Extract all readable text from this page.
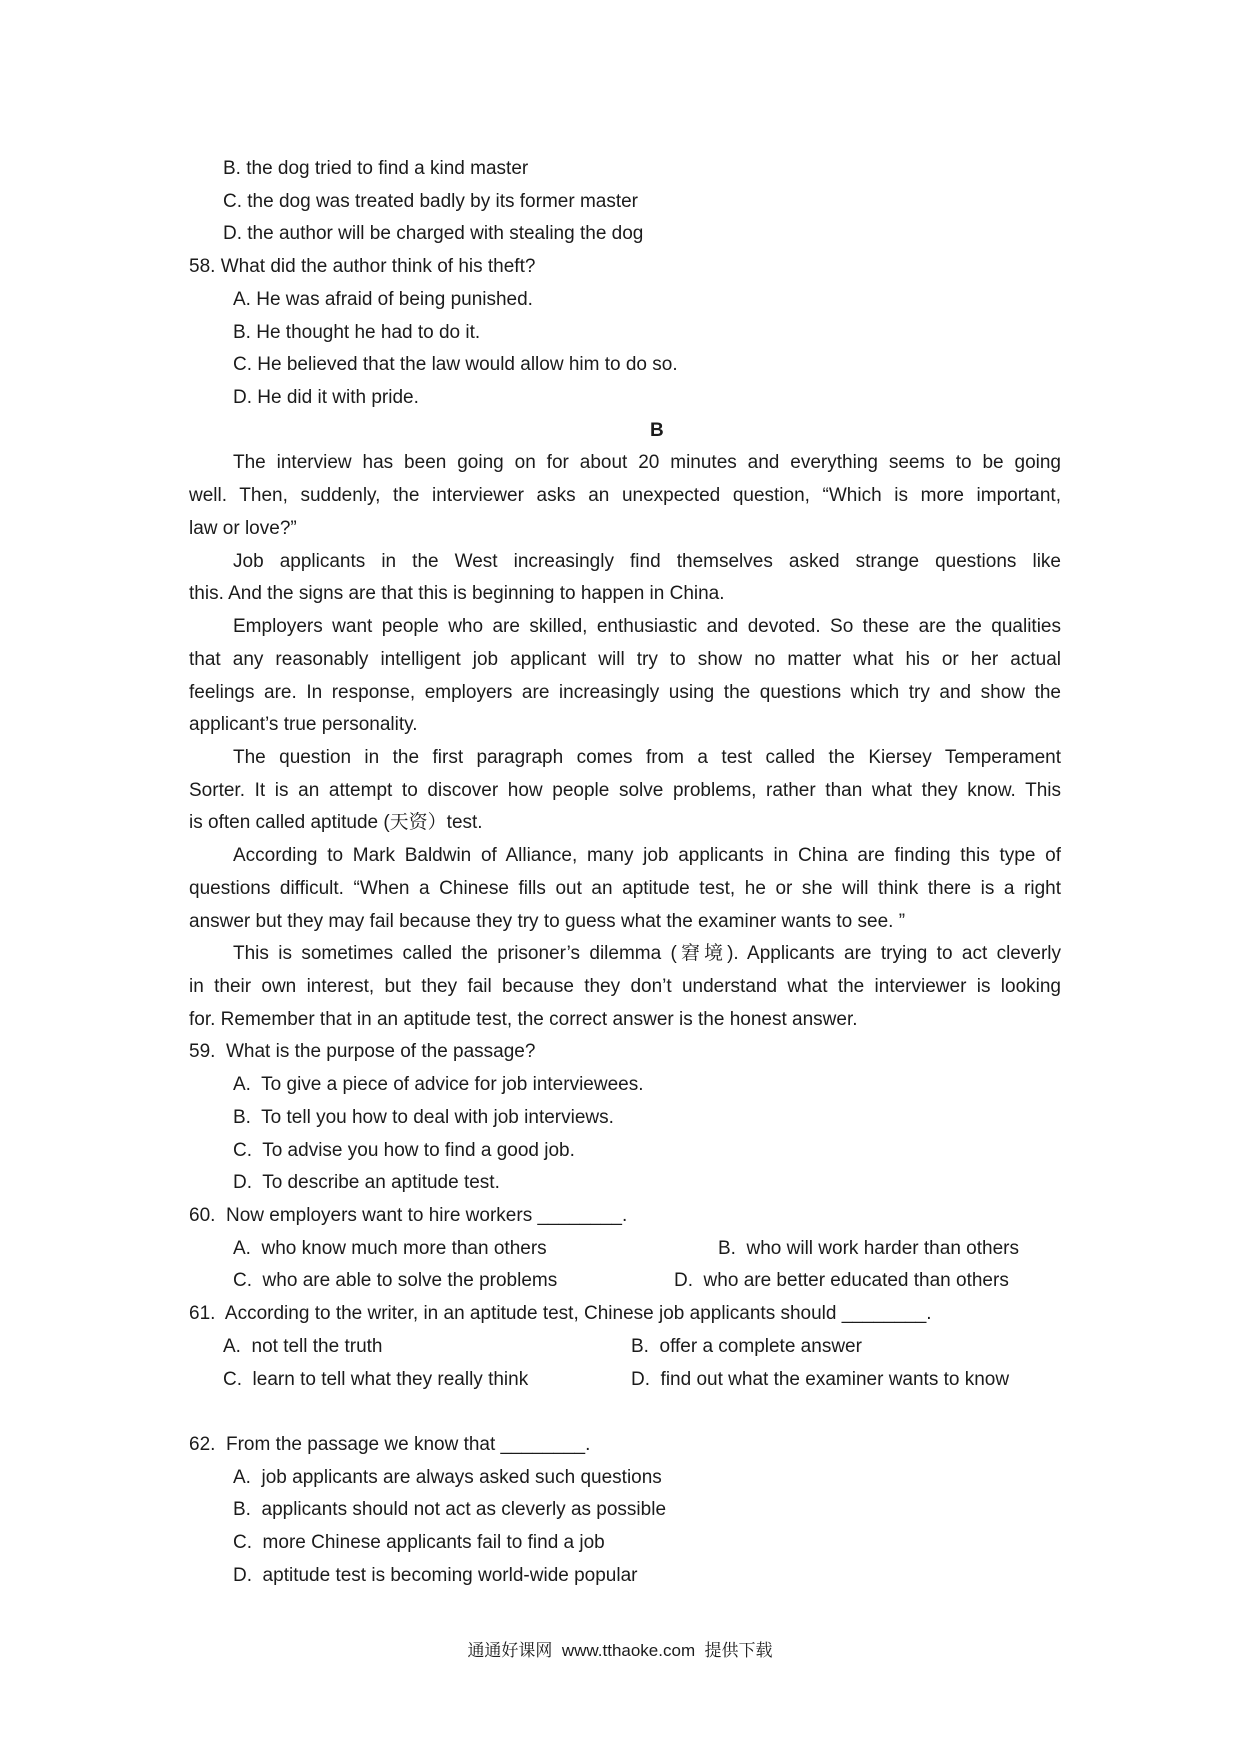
B. the dog tried to find a kind master
C. the dog was treated badly by its former master
D. the author will be charged with stealing the dog
58. What did the author think of his theft?
A. He was afraid of being punished.
B. He thought he had to do it.
C. He believed that the law would allow him to do so.
D. He did it with pride.
B
The interview has been going on for about 20 minutes and everything seems to be going
well. Then, suddenly, the interviewer asks an unexpected question, “Which is more important,
law or love?”
Job applicants in the West increasingly find themselves asked strange questions like
this. And the signs are that this is beginning to happen in China.
Employers want people who are skilled, enthusiastic and devoted. So these are the qualities
that any reasonably intelligent job applicant will try to show no matter what his or her actual
feelings are. In response, employers are increasingly using the questions which try and show the
applicant’s true personality.
The question in the first paragraph comes from a test called the Kiersey Temperament
Sorter. It is an attempt to discover how people solve problems, rather than what they know. This
is often called aptitude (天资）test.
According to Mark Baldwin of Alliance, many job applicants in China are finding this type of
questions difficult. “When a Chinese fills out an aptitude test, he or she will think there is a right
answer but they may fail because they try to guess what the examiner wants to see. ”
This is sometimes called the prisoner’s dilemma (窘境). Applicants are trying to act cleverly
in their own interest, but they fail because they don’t understand what the interviewer is looking
for. Remember that in an aptitude test, the correct answer is the honest answer.
59.  What is the purpose of the passage?
A.  To give a piece of advice for job interviewees.
B.  To tell you how to deal with job interviews.
C.  To advise you how to find a good job.
D.  To describe an aptitude test.
60.  Now employers want to hire workers ________.

A.  who know much more than others

	B.  who will work harder than others

C.  who are able to solve the problems

	D.  who are better educated than others

61.  According to the writer, in an aptitude test, Chinese job applicants should ________.

A.  not tell the truth

	B.  offer a complete answer

C.  learn to tell what they really think

	D.  find out what the examiner wants to know

62.  From the passage we know that ________.
A.  job applicants are always asked such questions
B.  applicants should not act as cleverly as possible
C.  more Chinese applicants fail to find a job
D.  aptitude test is becoming world-wide popular
通通好课网  www.tthaoke.com  提供下载
